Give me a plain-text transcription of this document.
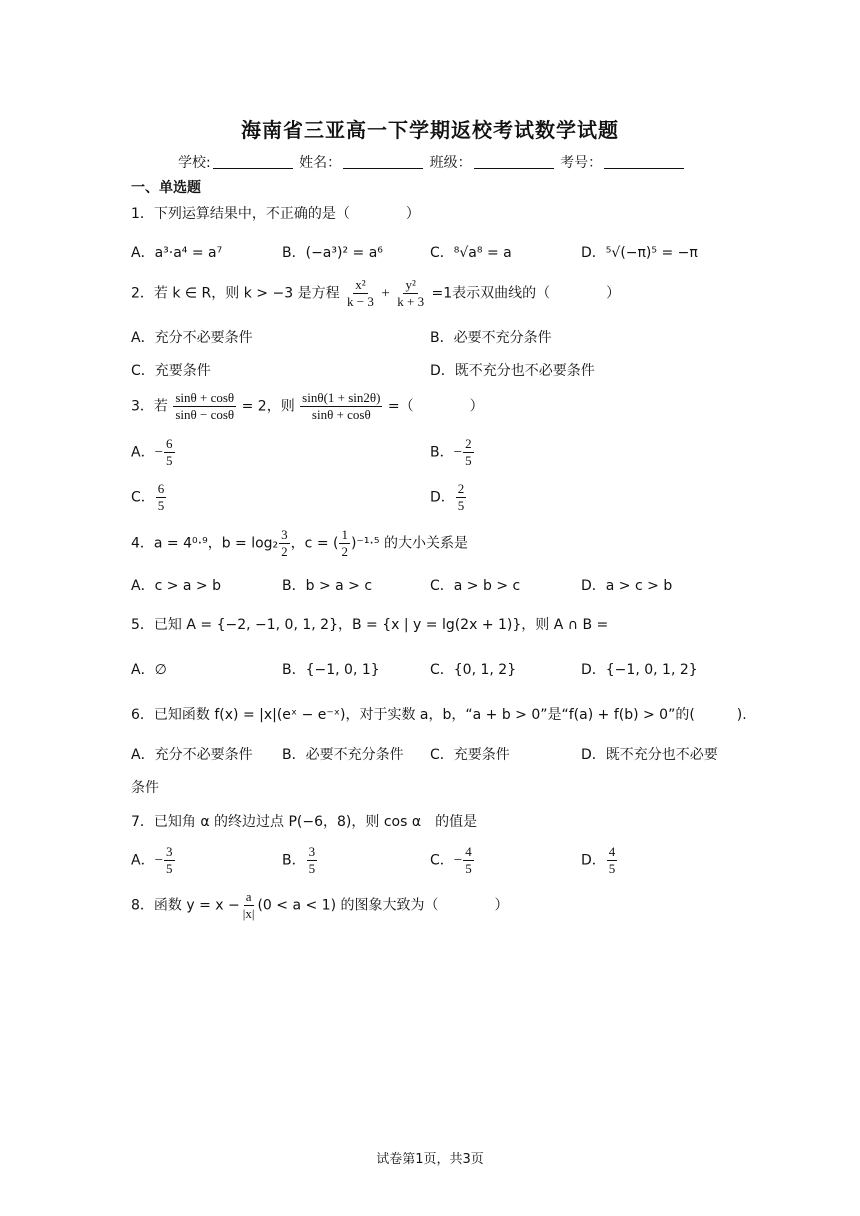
海南省三亚高一下学期返校考试数学试题
学校:	姓名：	班级：	考号：
一、单选题
1．下列运算结果中，不正确的是（　　　　）
A．a³·a⁴ = a⁷	B．(−a³)² = a⁶	C．⁸√a⁸ = a	D．⁵√(−π)⁵ = −π
2．若 k ∈ R，则 k > −3 是方程 $\frac{\text{x²}}{k - 3} + \frac{\text{y²}}{k + 3} =1$表示双曲线的（　　　　）
A．充分不必要条件	B．必要不充分条件
C．充要条件	D．既不充分也不必要条件
3．若 $\frac{\sin\theta + \cos\theta}{\sin\theta - \cos\theta} = 2$，则 $\frac{\sin\theta(1 + \sin 2\theta)}{\sin\theta + \cos\theta}$ =（　　　　）
A．− $\frac{6}{5}$	B．− $\frac{2}{5}$
C． $\frac{6}{5}$	D． $\frac{2}{5}$
4．a = 4⁰·⁹，$b = \log_2 \frac{3}{2}$ ，c = ( $\frac{1}{2} )^{-1}\cdot^5$ 的大小关系是
A．c > a > b	B．b > a > c	C．a > b > c	D．a > c > b
5．已知 A = {−2, −1, 0, 1, 2}，B = {x | y = lg(2x + 1)}，则 A ∩ B =
A．∅	B．{−1, 0, 1}	C．{0, 1, 2}	D．{−1, 0, 1, 2}
6．已知函数 f(x) = |x|(eˣ − e⁻ˣ)，对于实数 a，b，“a + b > 0”是“f(a) + f(b) > 0”的(　　　).
A．充分不必要条件 B．必要不充分条件 C．充要条件	D．既不充分也不必要
条件
7．已知角 α 的终边过点 P(−6，8)，则 cos α　的值是
A．− $\frac{3}{5}$	B． $\frac{3}{5}$	C．− $\frac{4}{5}$	D． $\frac{4}{5}$
8．函数 $y = x - \frac{a}{|x|} (0 < a < 1)$ 的图象大致为（　　　　）
试卷第1页，共3页
